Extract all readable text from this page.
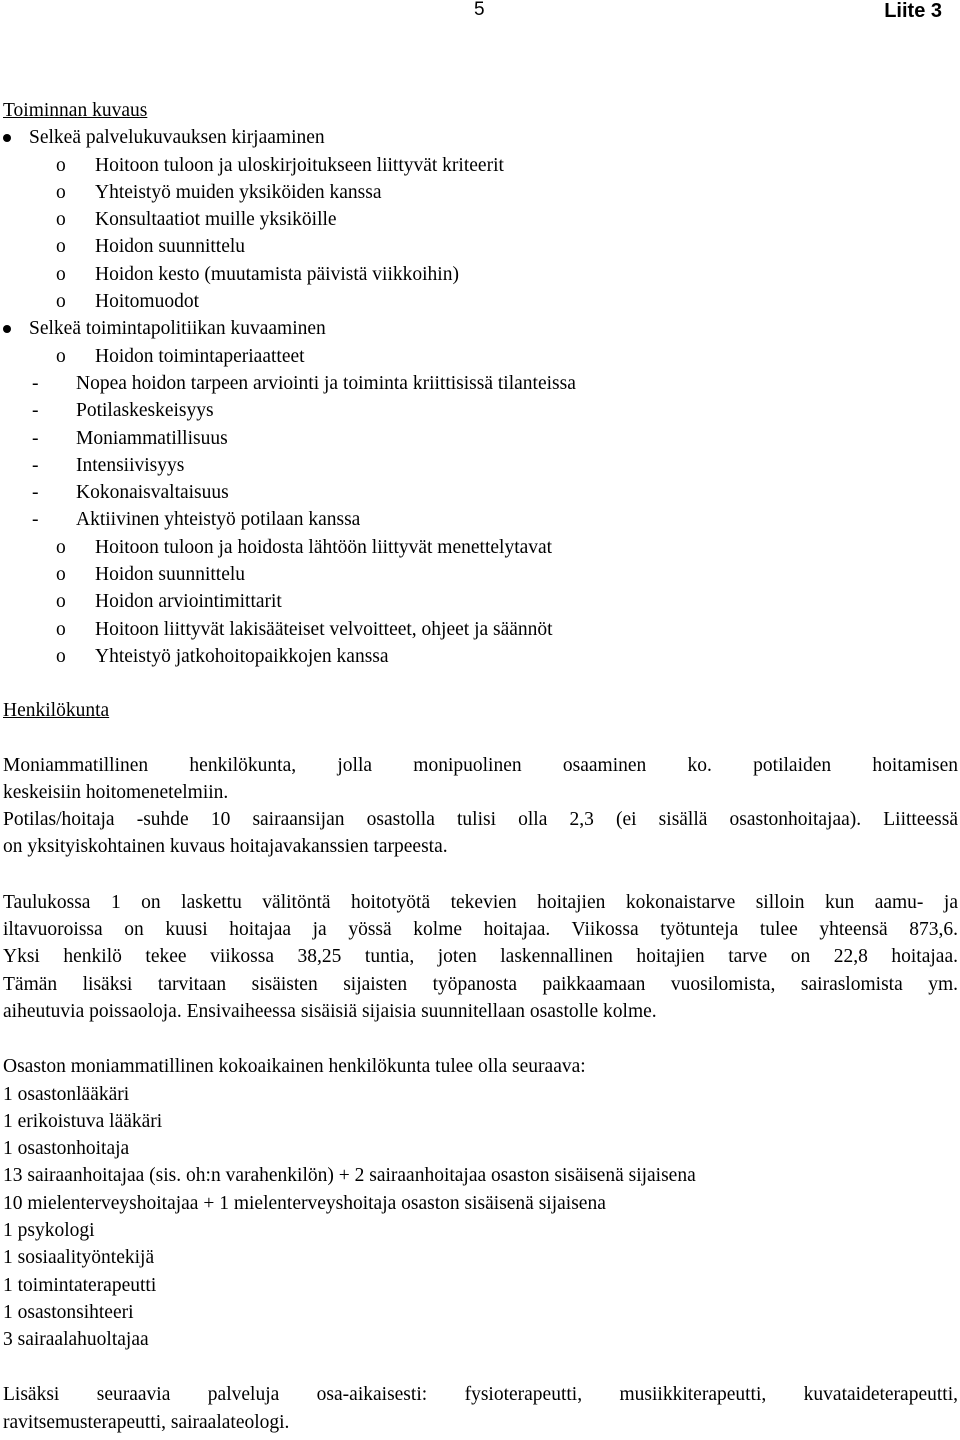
5	Liite 3
Toiminnan kuvaus
Selkeä palvelukuvauksen kirjaaminen
o	Hoitoon tuloon ja uloskirjoitukseen liittyvät kriteerit
o	Yhteistyö muiden yksiköiden kanssa
o	Konsultaatiot muille yksiköille
o	Hoidon suunnittelu
o	Hoidon kesto (muutamista päivistä viikkoihin)
o	Hoitomuodot
Selkeä toimintapolitiikan kuvaaminen
o	Hoidon toimintaperiaatteet
-	Nopea hoidon tarpeen arviointi ja toiminta kriittisissä tilanteissa
-	Potilaskeskeisyys
-	Moniammatillisuus
-	Intensiivisyys
-	Kokonaisvaltaisuus
-	Aktiivinen yhteistyö potilaan kanssa
o	Hoitoon tuloon ja hoidosta lähtöön liittyvät menettelytavat
o	Hoidon suunnittelu
o	Hoidon arviointimittarit
o	Hoitoon liittyvät lakisääteiset velvoitteet, ohjeet ja säännöt
o	Yhteistyö jatkohoitopaikkojen kanssa
Henkilökunta
Moniammatillinen henkilökunta, jolla monipuolinen osaaminen ko. potilaiden hoitamisen
keskeisiin hoitomenetelmiin.
Potilas/hoitaja -suhde 10 sairaansijan osastolla tulisi olla 2,3 (ei sisällä osastonhoitajaa). Liitteessä
on yksityiskohtainen kuvaus hoitajavakanssien tarpeesta.
Taulukossa 1 on laskettu välitöntä hoitotyötä tekevien hoitajien kokonaistarve silloin kun aamu- ja
iltavuoroissa on kuusi hoitajaa ja yössä kolme hoitajaa. Viikossa työtunteja tulee yhteensä 873,6.
Yksi henkilö tekee viikossa 38,25 tuntia, joten laskennallinen hoitajien tarve on 22,8 hoitajaa.
Tämän lisäksi tarvitaan sisäisten sijaisten työpanosta paikkaamaan vuosilomista, sairaslomista ym.
aiheutuvia poissaoloja. Ensivaiheessa sisäisiä sijaisia suunnitellaan osastolle kolme.
Osaston moniammatillinen kokoaikainen henkilökunta tulee olla seuraava:
1 osastonlääkäri
1 erikoistuva lääkäri
1 osastonhoitaja
13 sairaanhoitajaa (sis. oh:n varahenkilön) + 2 sairaanhoitajaa osaston sisäisenä sijaisena
10 mielenterveyshoitajaa + 1 mielenterveyshoitaja osaston sisäisenä sijaisena
1 psykologi
1 sosiaalityöntekijä
1 toimintaterapeutti
1 osastonsihteeri
3 sairaalahuoltajaa
Lisäksi seuraavia palveluja osa-aikaisesti: fysioterapeutti, musiikkiterapeutti, kuvataideterapeutti,
ravitsemusterapeutti, sairaalateologi.
